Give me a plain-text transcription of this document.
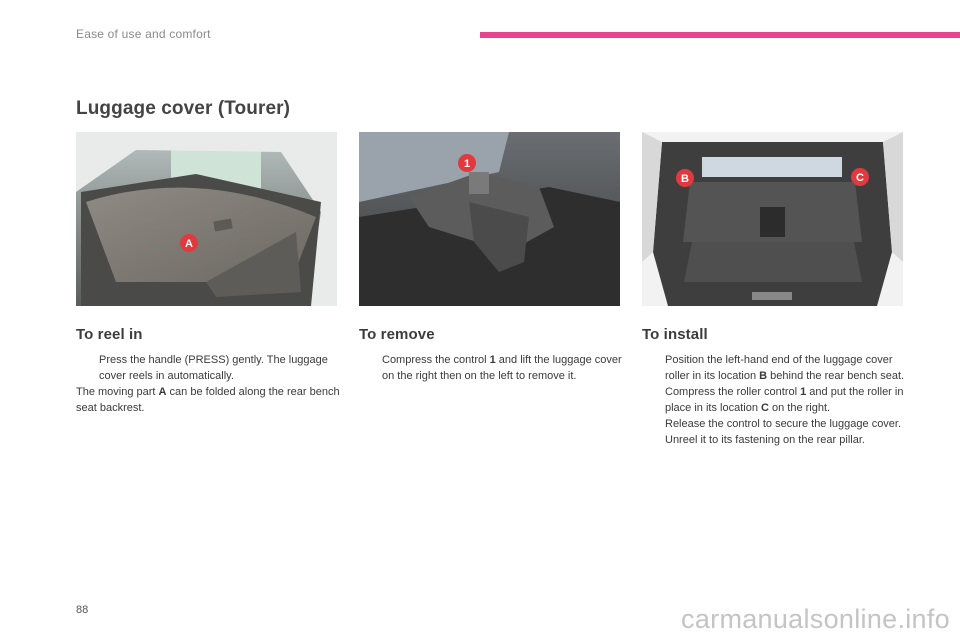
Ease of use and comfort
Luggage cover (Tourer)
A
1
B	C
To reel in

Press the handle (PRESS) gently. The luggage cover reels in automatically.

The moving part A can be folded along the rear bench seat backrest.

To remove

Compress the control 1 and lift the luggage cover on the right then on the left to remove it.

To install

Position the left-hand end of the luggage cover roller in its location B behind the rear bench seat.

Compress the roller control 1 and put the roller in place in its location C on the right.

Release the control to secure the luggage cover.

Unreel it to its fastening on the rear pillar.

88	carmanualsonline.info
